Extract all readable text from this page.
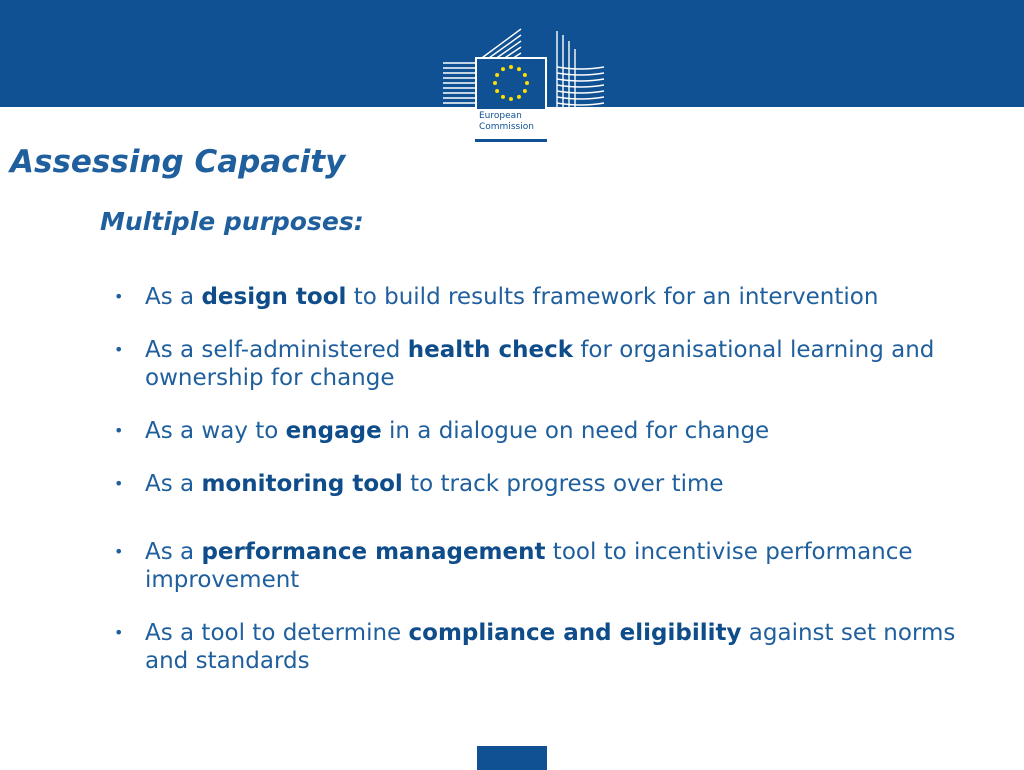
European
Commission
Assessing Capacity
Multiple purposes:
• As a design tool to build results framework for an intervention
• As a self-administered health check for organisational learning and ownership for change
• As a way to engage in a dialogue on need for change
• As a monitoring tool to track progress over time
• As a performance management tool to incentivise performance improvement
• As a tool to determine compliance and eligibility against set norms and standards
